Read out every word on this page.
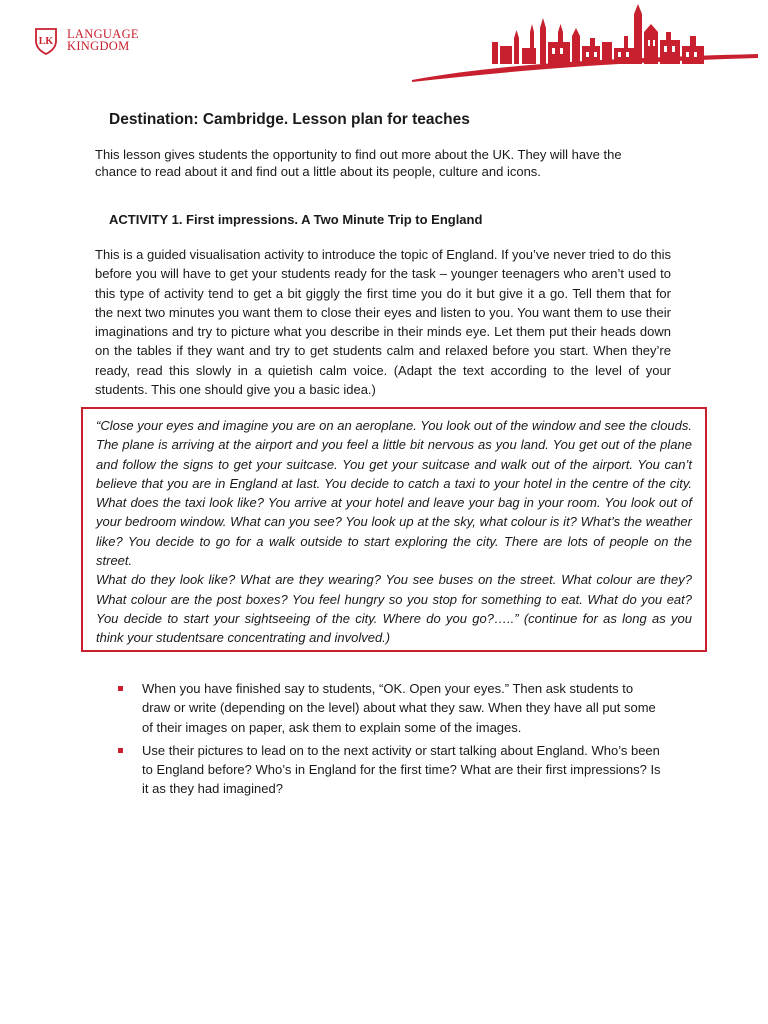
LK
LANGUAGE
KINGDOM
Destination: Cambridge. Lesson plan for teaches
This lesson gives students the opportunity to find out more about the UK. They will have the chance to read about it and find out a little about its people, culture and icons.
ACTIVITY 1. First impressions. A Two Minute Trip to England
This is a guided visualisation activity to introduce the topic of England. If you’ve never tried to do this before you will have to get your students ready for the task – younger teenagers who aren’t used to this type of activity tend to get a bit giggly the first time you do it but give it a go. Tell them that for the next two minutes you want them to close their eyes and listen to you. You want them to use their imaginations and try to picture what you describe in their minds eye. Let them put their heads down on the tables if they want and try to get students calm and relaxed before you start. When they’re ready, read this slowly in a quietish calm voice. (Adapt the text according to the level of your students. This one should give you a basic idea.)

“Close your eyes and imagine you are on an aeroplane. You look out of the window and see the clouds. The plane is arriving at the airport and you feel a little bit nervous as you land. You get out of the plane and follow the signs to get your suitcase. You get your suitcase and walk out of the airport. You can’t believe that you are in England at last. You decide to catch a taxi to your hotel in the centre of the city. What does the taxi look like? You arrive at your hotel and leave your bag in your room. You look out of your bedroom window. What can you see? You look up at the sky, what colour is it? What’s the weather like? You decide to go for a walk outside to start exploring the city. There are lots of people on the street.

What do they look like? What are they wearing? You see buses on the street. What colour are they? What colour are the post boxes? You feel hungry so you stop for something to eat. What do you eat? You decide to start your sightseeing of the city. Where do you go?…..” (continue for as long as you think your studentsare concentrating and involved.)

When you have finished say to students, “OK. Open your eyes.” Then ask students to draw or write (depending on the level) about what they saw. When they have all put some of their images on paper, ask them to explain some of the images.
Use their pictures to lead on to the next activity or start talking about England. Who’s been to England before? Who’s in England for the first time? What are their first impressions? Is it as they had imagined?
